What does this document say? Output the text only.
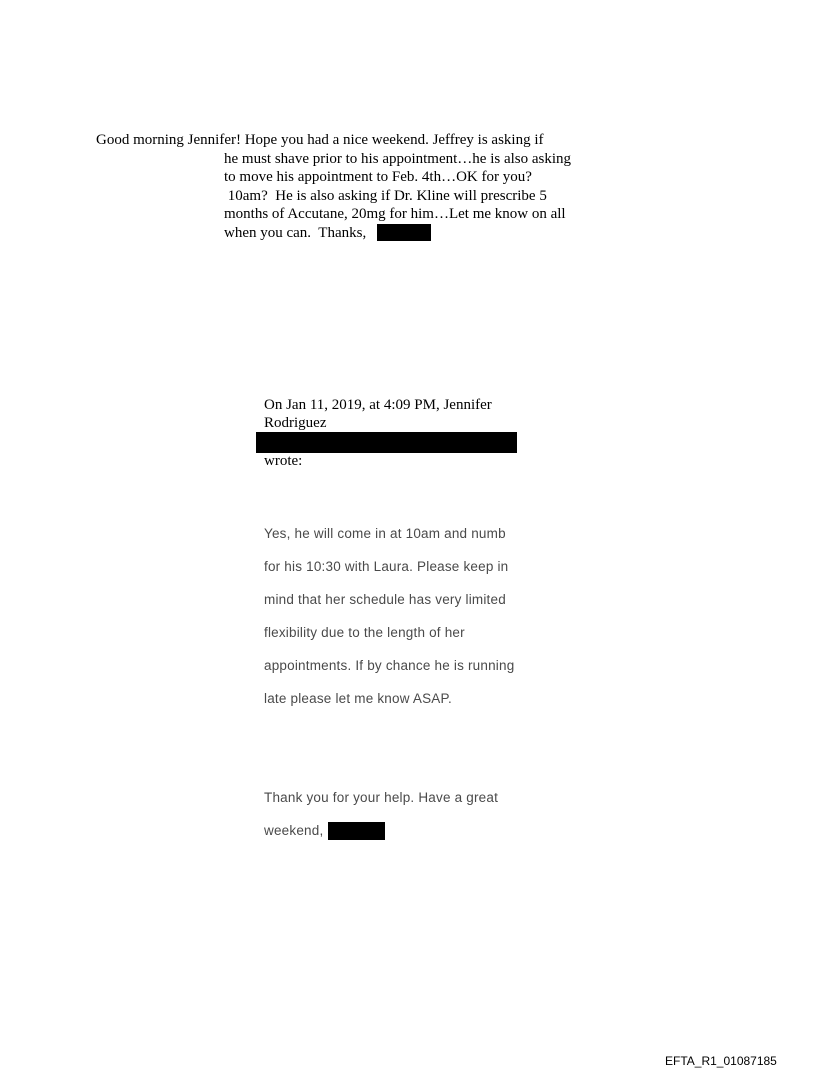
Good morning Jennifer! Hope you had a nice weekend. Jeffrey is asking if
he must shave prior to his appointment…he is also asking
to move his appointment to Feb. 4th…OK for you?
10am?  He is also asking if Dr. Kline will prescribe 5
months of Accutane, 20mg for him…Let me know on all
when you can.  Thanks,
On Jan 11, 2019, at 4:09 PM, Jennifer
Rodriguez
wrote:
Yes, he will come in at 10am and numb
for his 10:30 with Laura. Please keep in
mind that her schedule has very limited
flexibility due to the length of her
appointments. If by chance he is running
late please let me know ASAP.
Thank you for your help. Have a great
weekend,
EFTA_R1_01087185
